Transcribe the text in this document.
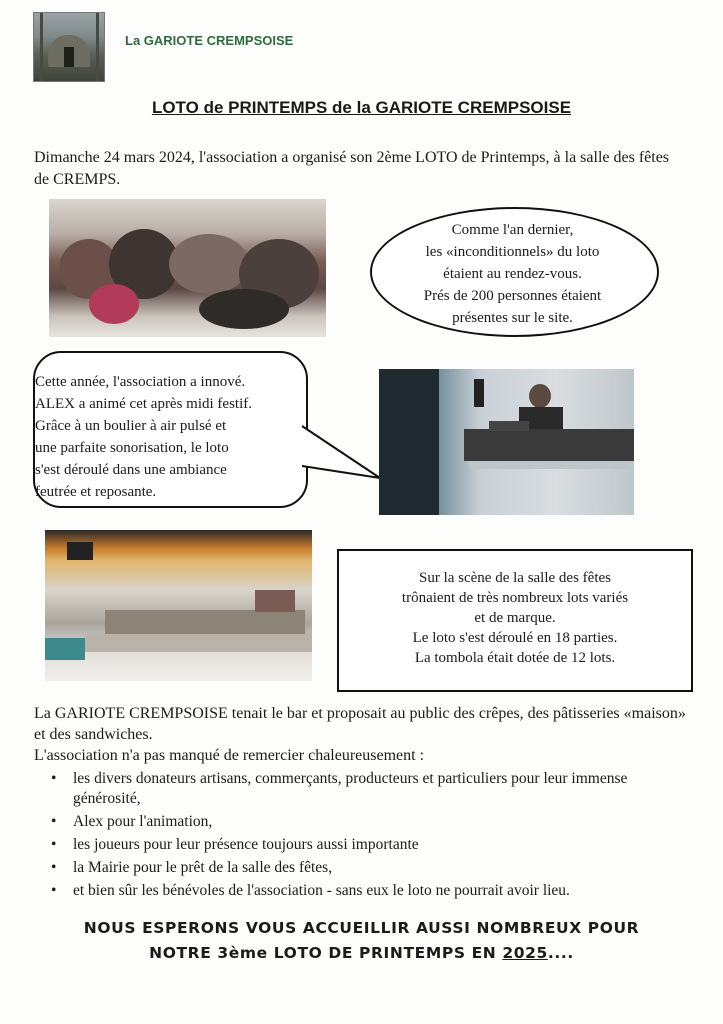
La GARIOTE CREMPSOISE
LOTO de PRINTEMPS de la GARIOTE CREMPSOISE
Dimanche 24 mars 2024, l'association a organisé son 2ème LOTO de Printemps, à la salle des fêtes de CREMPS.
Comme l'an dernier,
les «inconditionnels» du loto
étaient au rendez-vous.
Prés de 200 personnes étaient
présentes sur le site.
Cette année, l'association a innové.
ALEX a animé cet après midi festif.
Grâce à un boulier à air pulsé et
une parfaite sonorisation, le loto
s'est déroulé dans une ambiance
feutrée et reposante.
Sur la scène de la salle des fêtes
trônaient de très nombreux lots variés
et de marque.
Le loto s'est déroulé en 18 parties.
La tombola était dotée de 12 lots.

La GARIOTE CREMPSOISE tenait le bar et proposait au public des crêpes, des pâtisseries «maison» et des sandwiches.

L'association n'a pas manqué de remercier chaleureusement :

• les divers donateurs artisans, commerçants, producteurs et particuliers pour leur immense générosité,
• Alex pour l'animation,
• les joueurs pour leur présence toujours aussi importante
• la Mairie pour le prêt de la salle des fêtes,
• et bien sûr les bénévoles de l'association - sans eux le loto ne pourrait avoir lieu.
NOUS ESPERONS VOUS ACCUEILLIR AUSSI NOMBREUX POUR
NOTRE 3ème LOTO DE PRINTEMPS EN 2025....
